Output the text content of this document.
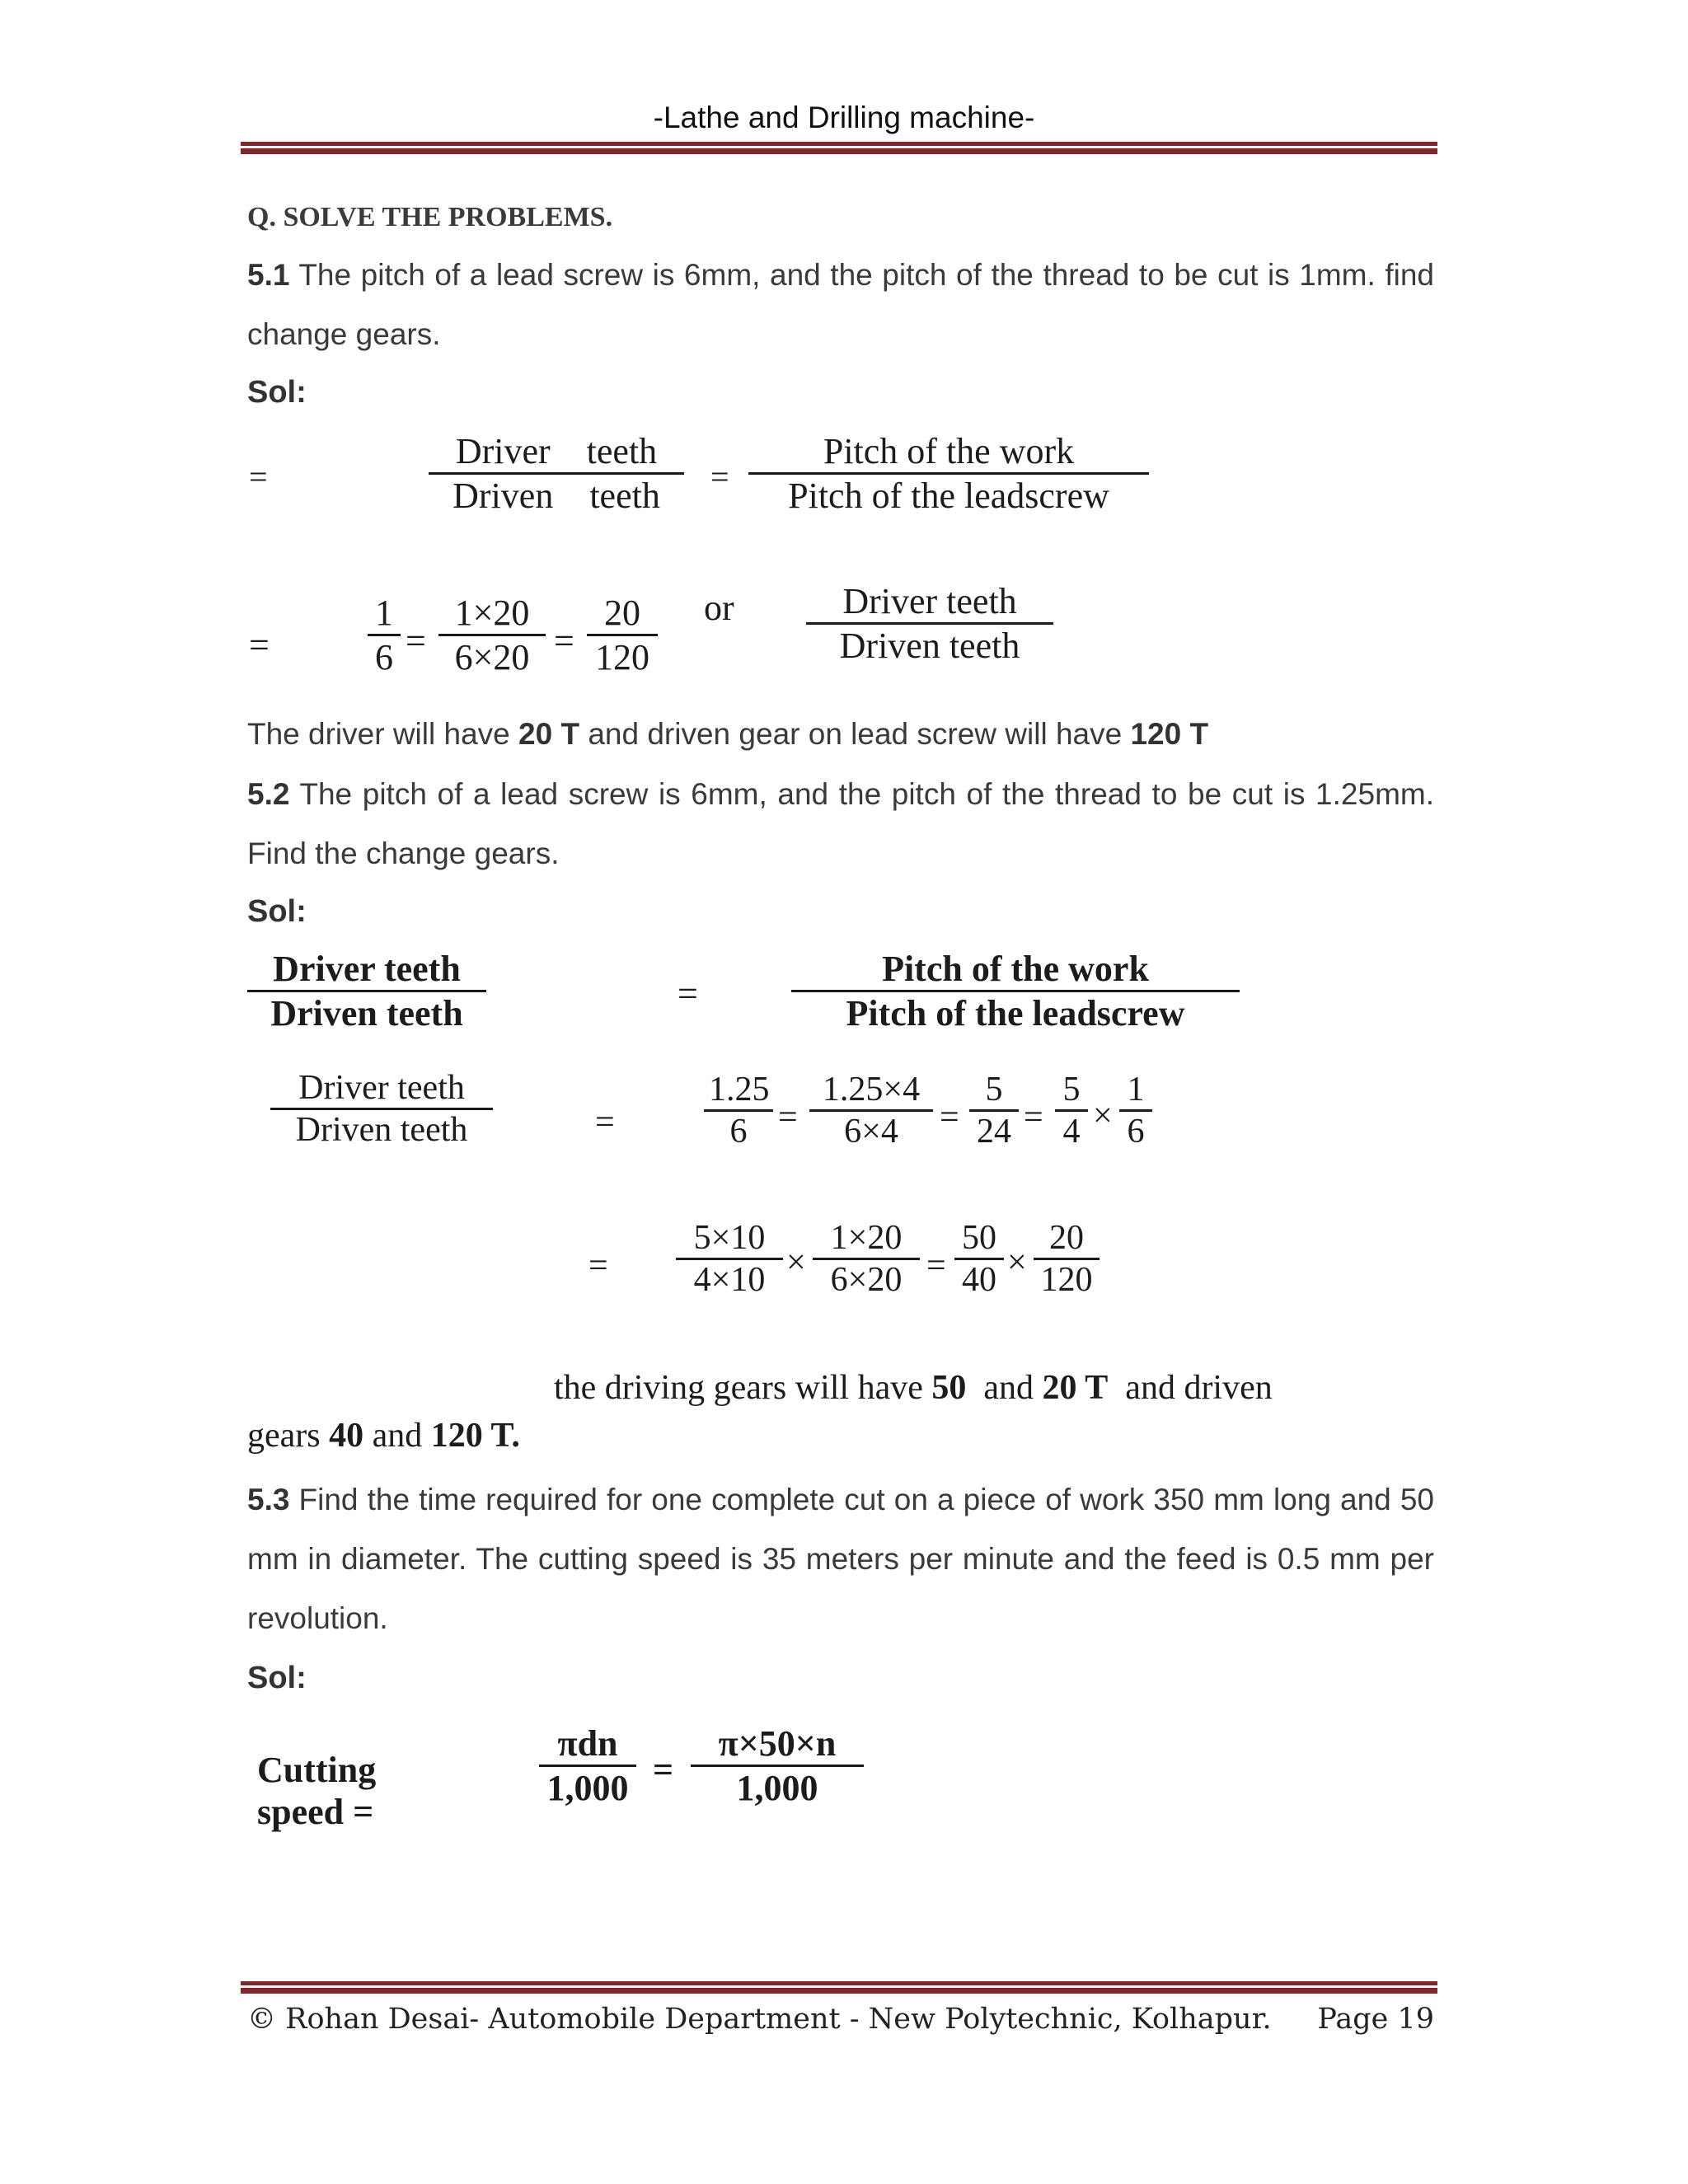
-Lathe and Drilling machine-
Q. SOLVE THE PROBLEMS.
5.1 The pitch of a lead screw is 6mm, and the pitch of the thread to be cut is 1mm. find change gears.
Sol:
=
Driver    teeth
Driven    teeth	=
Pitch of the work
Pitch of the leadscrew
=
1
6 =
1×20
6×20 =
20
120
or	Driver teeth
Driven teeth
The driver will have 20 T and driven gear on lead screw will have 120 T
5.2 The pitch of a lead screw is 6mm, and the pitch of the thread to be cut is 1.25mm. Find the change gears.
Sol:
Driver teeth
Driven teeth	=
Pitch of the work
Pitch of the leadscrew
Driver teeth
Driven teeth	=
1.25
6 =
1.25×4
6×4	=
5
24 =
5
4 ×
1
6
=
5×10
4×10 ×
1×20
6×20 =
50
40 ×
20
120
the driving gears will have 50  and 20 T  and driven
gears 40 and 120 T.
5.3 Find the time required for one complete cut on a piece of work 350 mm long and 50 mm in diameter. The cutting speed is 35 meters per minute and the feed is 0.5 mm per revolution.
Sol:
Cutting speed =
πdn
1,000 =
π×50×n
1,000
© Rohan Desai- Automobile Department - New Polytechnic, Kolhapur. Page 19
